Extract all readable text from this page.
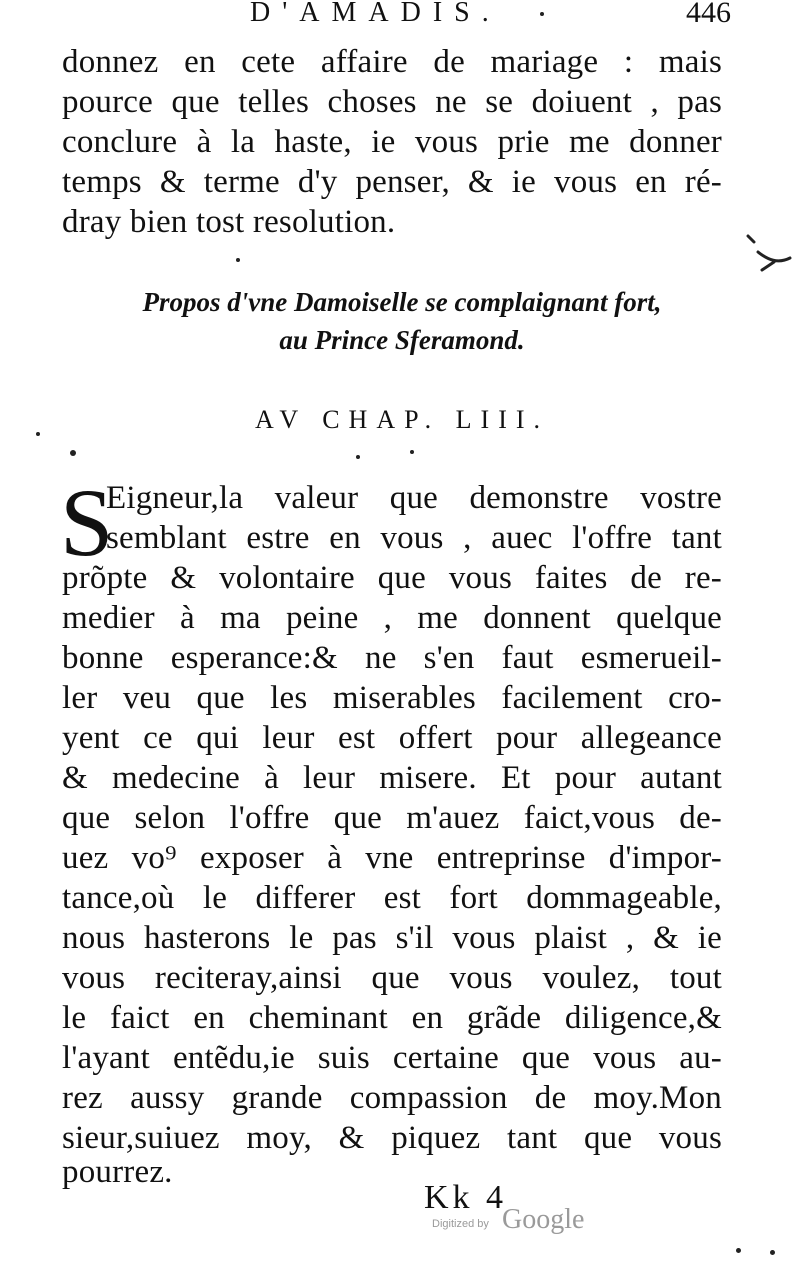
D'AMADIS.	446
donnez en cete affaire de mariage : mais
pource que telles choses ne se doiuent , pas
conclure à la haste, ie vous prie me donner
temps & terme d'y penser, & ie vous en ré-
dray bien tost resolution.
Propos d'vne Damoiselle se complaignant fort,
au Prince Sferamond.
AV CHAP. LIII.
S
Eigneur,la valeur que demonstre vostre
semblant estre en vous , auec l'offre tant
prõpte & volontaire que vous faites de re-
medier à ma peine , me donnent quelque
bonne esperance:& ne s'en faut esmerueil-
ler veu que les miserables facilement cro-
yent ce qui leur est offert pour allegeance
& medecine à leur misere. Et pour autant
que selon l'offre que m'auez faict,vous de-
uez vo⁹ exposer à vne entreprinse d'impor-
tance,où le differer est fort dommageable,
nous hasterons le pas s'il vous plaist , & ie
vous reciteray,ainsi que vous voulez, tout
le faict en cheminant en grãde diligence,&
l'ayant entẽdu,ie suis certaine que vous au-
rez aussy grande compassion de moy.Mon
sieur,suiuez moy, & piquez tant que vous
pourrez.
Kk 4
Digitized by Google
